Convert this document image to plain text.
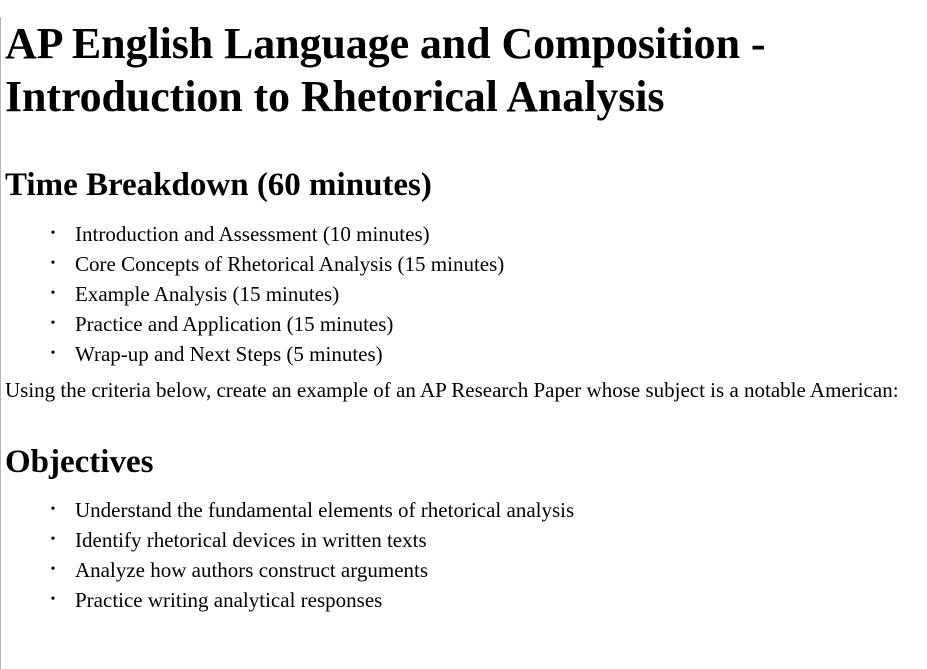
AP English Language and Composition - Introduction to Rhetorical Analysis
Time Breakdown (60 minutes)
• Introduction and Assessment (10 minutes)
• Core Concepts of Rhetorical Analysis (15 minutes)
• Example Analysis (15 minutes)
• Practice and Application (15 minutes)
• Wrap-up and Next Steps (5 minutes)

Using the criteria below, create an example of an AP Research Paper whose subject is a notable American:

Objectives
• Understand the fundamental elements of rhetorical analysis
• Identify rhetorical devices in written texts
• Analyze how authors construct arguments
• Practice writing analytical responses
